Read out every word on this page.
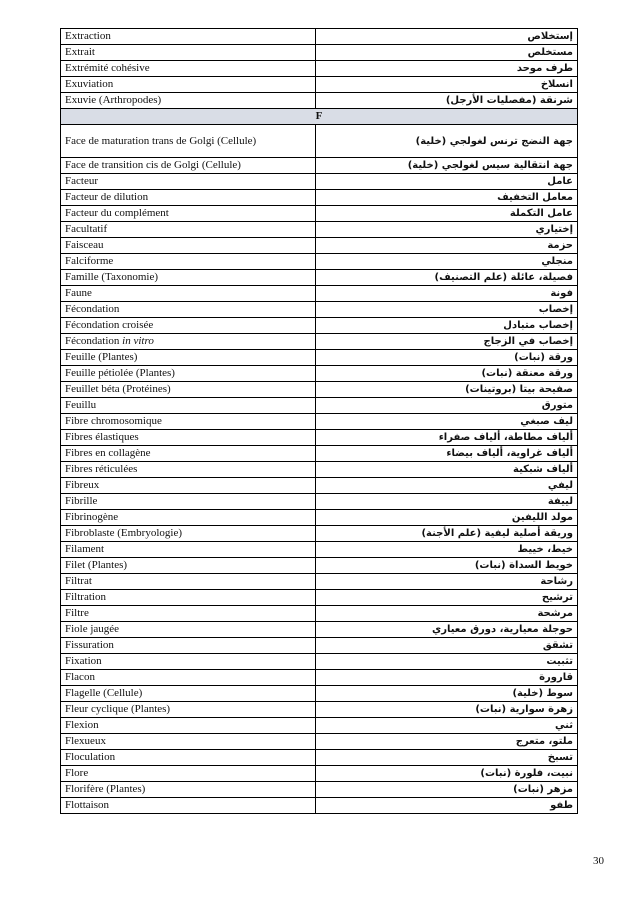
Extraction	إستخلاص
Extrait	مستخلص
Extrémité cohésive	طرف موحد
Exuviation	انسلاخ
Exuvie (Arthropodes)	شرنقة (مفصليات الأرجل)
F	
Face de maturation trans de Golgi (Cellule)	جهة النضج ترنس لغولجي (خلية)
Face de transition cis de Golgi (Cellule)	جهة انتقالية سيس لغولجي (خلية)
Facteur	عامل
Facteur de dilution	معامل التخفيف
Facteur du complément	عامل التكملة
Facultatif	إختياري
Faisceau	حزمة
Falciforme	منجلي
Famille (Taxonomie)	فصيلة، عائلة (علم التصنيف)
Faune	فونة
Fécondation	إخصاب
Fécondation croisée	إخصاب متبادل
Fécondation in vitro	إخصاب في الزجاج
Feuille (Plantes)	ورقة (نبات)
Feuille pétiolée (Plantes)	ورقة معنقة (نبات)
Feuillet béta (Protéines)	صفيحة بيتا (بروتينات)
Feuillu	متورق
Fibre chromosomique	ليف صبغي
Fibres élastiques	ألياف مطاطة، ألياف صفراء
Fibres en collagène	ألياف غراوية، ألياف بيضاء
Fibres réticulées	ألياف شبكية
Fibreux	ليفي
Fibrille	لييفة
Fibrinogène	مولد الليفين
Fibroblaste (Embryologie)	وريقة أصلية ليفية (علم الأجنة)
Filament	خيط، خييط
Filet (Plantes)	خويط السداة (نبات)
Filtrat	رشاحة
Filtration	ترشيح
Filtre	مرشحة
Fiole jaugée	حوجلة معيارية، دورق معياري
Fissuration	تشقق
Fixation	تثبيت
Flacon	قارورة
Flagelle (Cellule)	سوط (خلية)
Fleur cyclique (Plantes)	زهرة سوارية (نبات)
Flexion	ثني
Flexueux	ملتو، متعرج
Floculation	تسبخ
Flore	نبيت، فلورة (نبات)
Florifère (Plantes)	مزهر (نبات)
Flottaison	طفو
30
